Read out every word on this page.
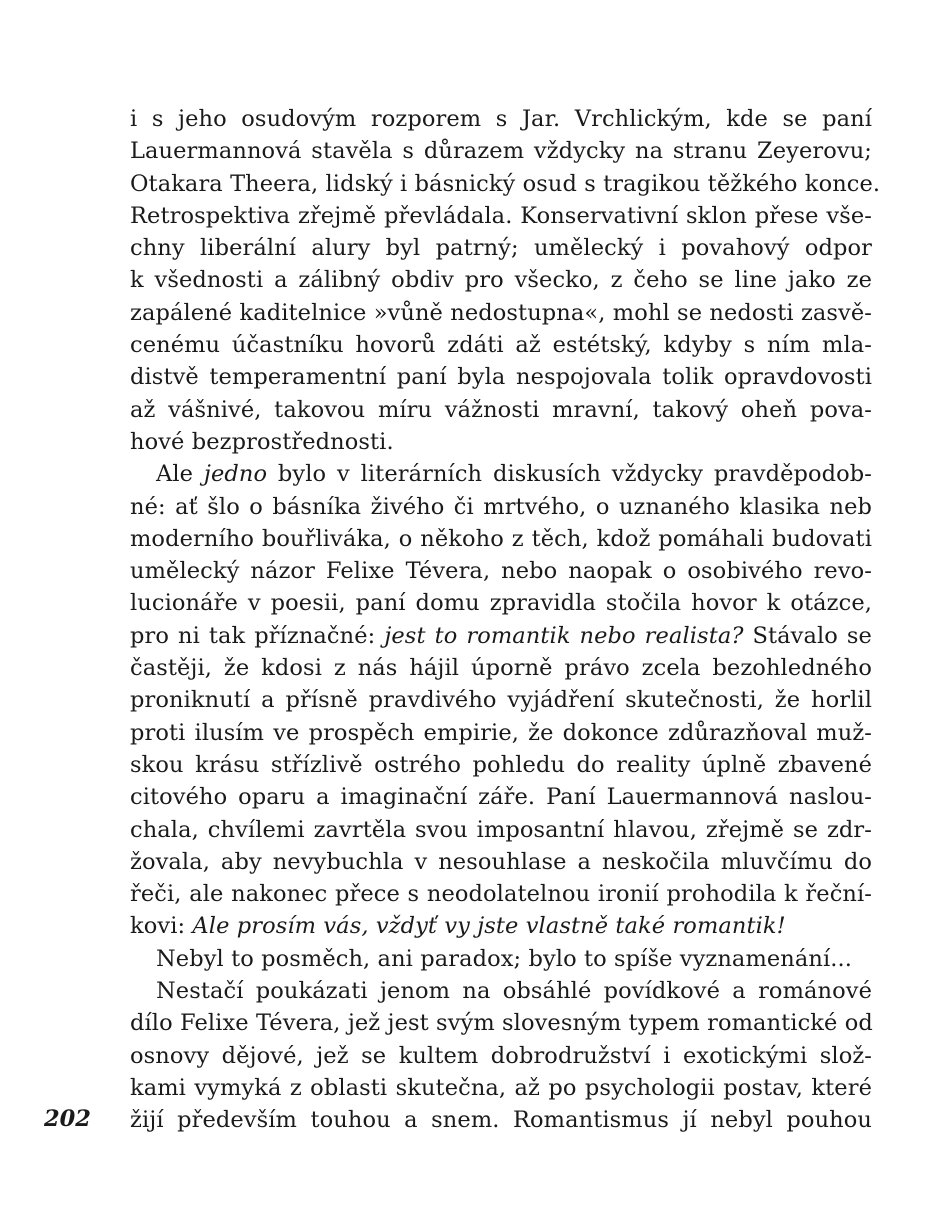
i s jeho osudovým rozporem s Jar. Vrchlickým, kde se paní
Lauermannová stavěla s důrazem vždycky na stranu Zeyerovu;
Otakara Theera, lidský i básnický osud s tragikou těžkého konce.
Retrospektiva zřejmě převládala. Konservativní sklon přese vše-
chny liberální alury byl patrný; umělecký i povahový odpor
k všednosti a zálibný obdiv pro všecko, z čeho se line jako ze
zapálené kaditelnice »vůně nedostupna«, mohl se nedosti zasvě-
cenému účastníku hovorů zdáti až estétský, kdyby s ním mla-
distvě temperamentní paní byla nespojovala tolik opravdovosti
až vášnivé, takovou míru vážnosti mravní, takový oheň pova-
hové bezprostřednosti.
Ale jedno bylo v literárních diskusích vždycky pravděpodob-
né: ať šlo o básníka živého či mrtvého, o uznaného klasika neb
moderního bouřliváka, o někoho z těch, kdož pomáhali budovati
umělecký názor Felixe Tévera, nebo naopak o osobivého revo-
lucionáře v poesii, paní domu zpravidla stočila hovor k otázce,
pro ni tak příznačné: jest to romantik nebo realista? Stávalo se
častěji, že kdosi z nás hájil úporně právo zcela bezohledného
proniknutí a přísně pravdivého vyjádření skutečnosti, že horlil
proti ilusím ve prospěch empirie, že dokonce zdůrazňoval muž-
skou krásu střízlivě ostrého pohledu do reality úplně zbavené
citového oparu a imaginační záře. Paní Lauermannová naslou-
chala, chvílemi zavrtěla svou imposantní hlavou, zřejmě se zdr-
žovala, aby nevybuchla v nesouhlase a neskočila mluvčímu do
řeči, ale nakonec přece s neodolatelnou ironií prohodila k řeční-
kovi: Ale prosím vás, vždyť vy jste vlastně také romantik!
Nebyl to posměch, ani paradox; bylo to spíše vyznamenání...
Nestačí poukázati jenom na obsáhlé povídkové a románové
dílo Felixe Tévera, jež jest svým slovesným typem romantické od
osnovy dějové, jež se kultem dobrodružství i exotickými slož-
kami vymyká z oblasti skutečna, až po psychologii postav, které
žijí především touhou a snem. Romantismus jí nebyl pouhou
202
